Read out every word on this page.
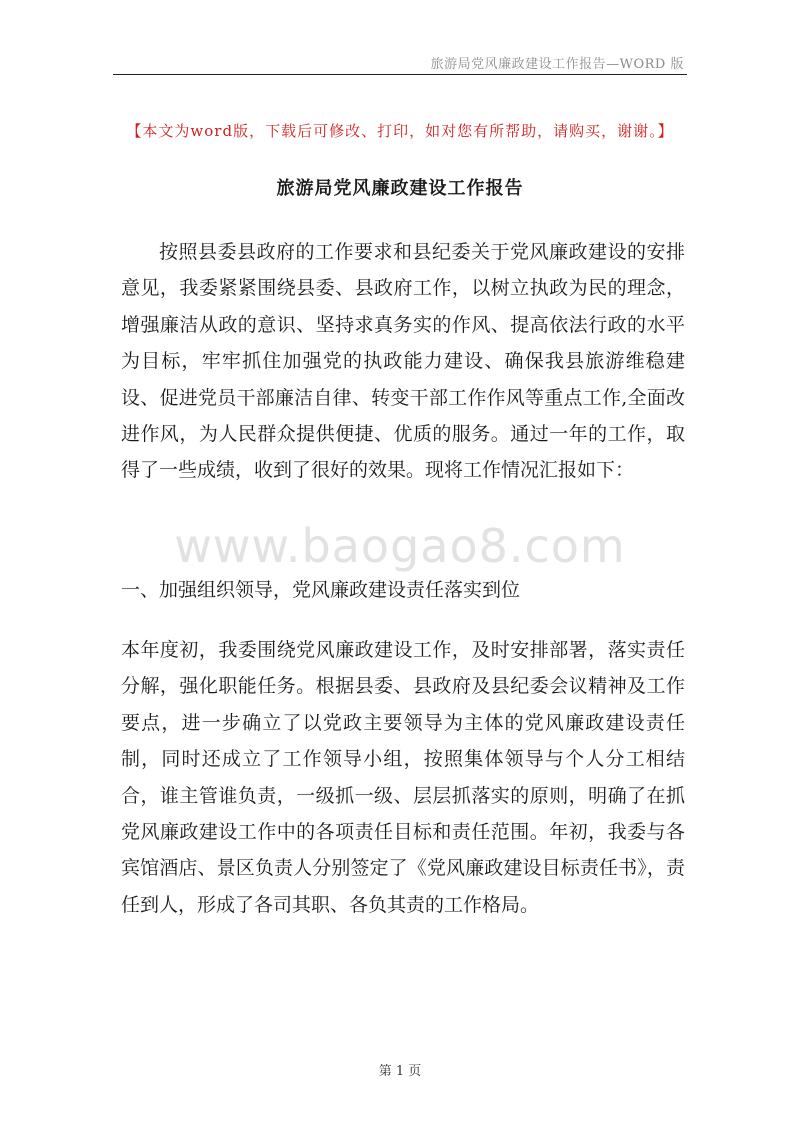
旅游局党风廉政建设工作报告—WORD 版
【本文为word版，下载后可修改、打印，如对您有所帮助，请购买，谢谢。】
旅游局党风廉政建设工作报告

按照县委县政府的工作要求和县纪委关于党风廉政建设的安排意见，我委紧紧围绕县委、县政府工作，以树立执政为民的理念，增强廉洁从政的意识、坚持求真务实的作风、提高依法行政的水平为目标，牢牢抓住加强党的执政能力建设、确保我县旅游维稳建设、促进党员干部廉洁自律、转变干部工作作风等重点工作,全面改进作风，为人民群众提供便捷、优质的服务。通过一年的工作，取得了一些成绩，收到了很好的效果。现将工作情况汇报如下：

www.baogao8.com
一、加强组织领导，党风廉政建设责任落实到位

本年度初，我委围绕党风廉政建设工作，及时安排部署，落实责任分解，强化职能任务。根据县委、县政府及县纪委会议精神及工作要点，进一步确立了以党政主要领导为主体的党风廉政建设责任制，同时还成立了工作领导小组，按照集体领导与个人分工相结合，谁主管谁负责，一级抓一级、层层抓落实的原则，明确了在抓党风廉政建设工作中的各项责任目标和责任范围。年初，我委与各宾馆酒店、景区负责人分别签定了《党风廉政建设目标责任书》，责任到人，形成了各司其职、各负其责的工作格局。

第 1 页
